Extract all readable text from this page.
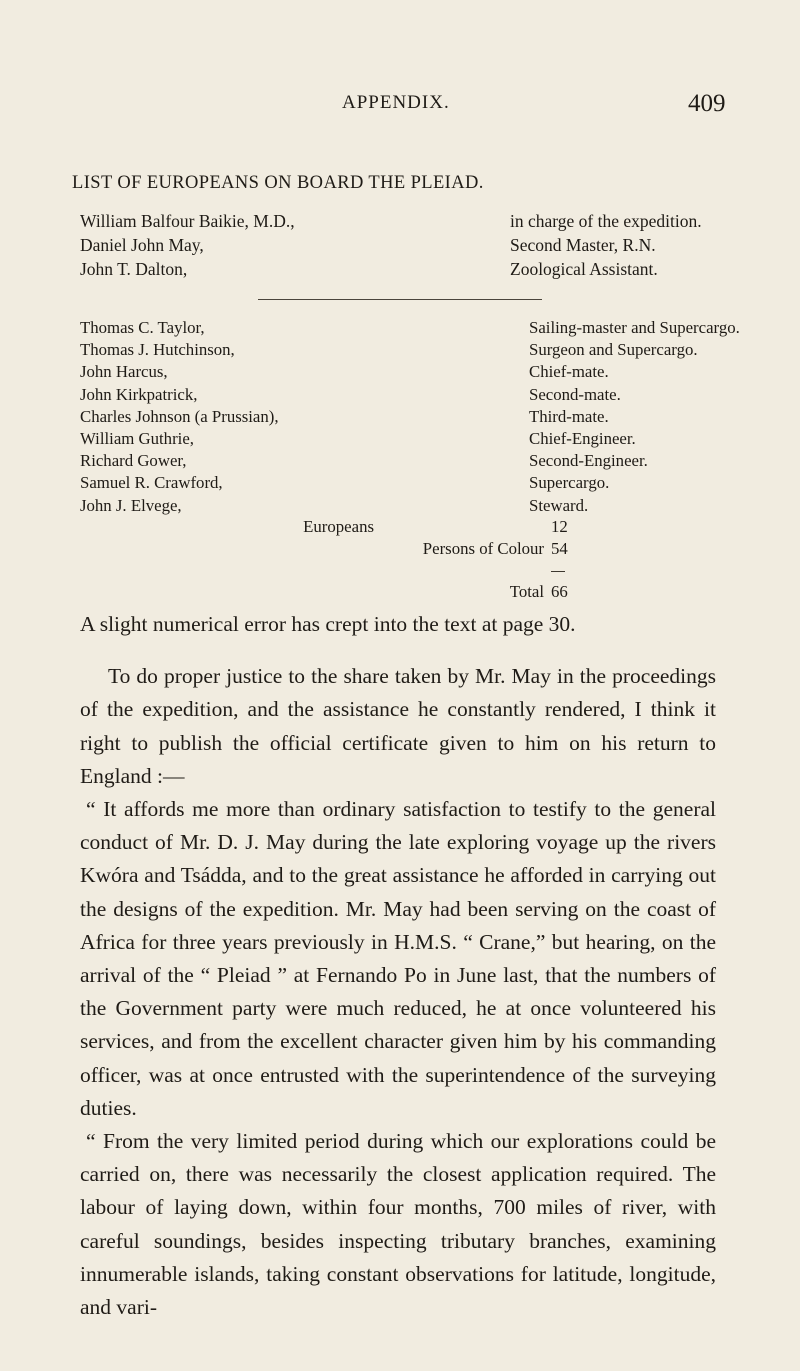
APPENDIX.	409
LIST OF EUROPEANS ON BOARD THE PLEIAD.
William Balfour Baikie, M.D.,	in charge of the expedition.
Daniel John May,	Second Master, R.N.
John T. Dalton,	Zoological Assistant.
Thomas C. Taylor,	Sailing-master and Supercargo.
Thomas J. Hutchinson,	Surgeon and Supercargo.
John Harcus,	Chief-mate.
John Kirkpatrick,	Second-mate.
Charles Johnson (a Prussian),	Third-mate.
William Guthrie,	Chief-Engineer.
Richard Gower,	Second-Engineer.
Samuel R. Crawford,	Supercargo.
John J. Elvege,	Steward.
Europeans	12
Persons of Colour 54
Total 66

A slight numerical error has crept into the text at page 30.

To do proper justice to the share taken by Mr. May in the proceedings of the expedition, and the assistance he constantly rendered, I think it right to publish the official certificate given to him on his return to England :—

“ It affords me more than ordinary satisfaction to testify to the general conduct of Mr. D. J. May during the late exploring voyage up the rivers Kwóra and Tsádda, and to the great assistance he afforded in carrying out the designs of the expedition. Mr. May had been serving on the coast of Africa for three years previously in H.M.S. “ Crane,” but hearing, on the arrival of the “ Pleiad ” at Fernando Po in June last, that the numbers of the Government party were much reduced, he at once volunteered his services, and from the excellent character given him by his commanding officer, was at once entrusted with the superintendence of the surveying duties.

“ From the very limited period during which our explorations could be carried on, there was necessarily the closest application required. The labour of laying down, within four months, 700 miles of river, with careful soundings, besides inspecting tributary branches, examining innumerable islands, taking constant observations for latitude, longitude, and vari-
